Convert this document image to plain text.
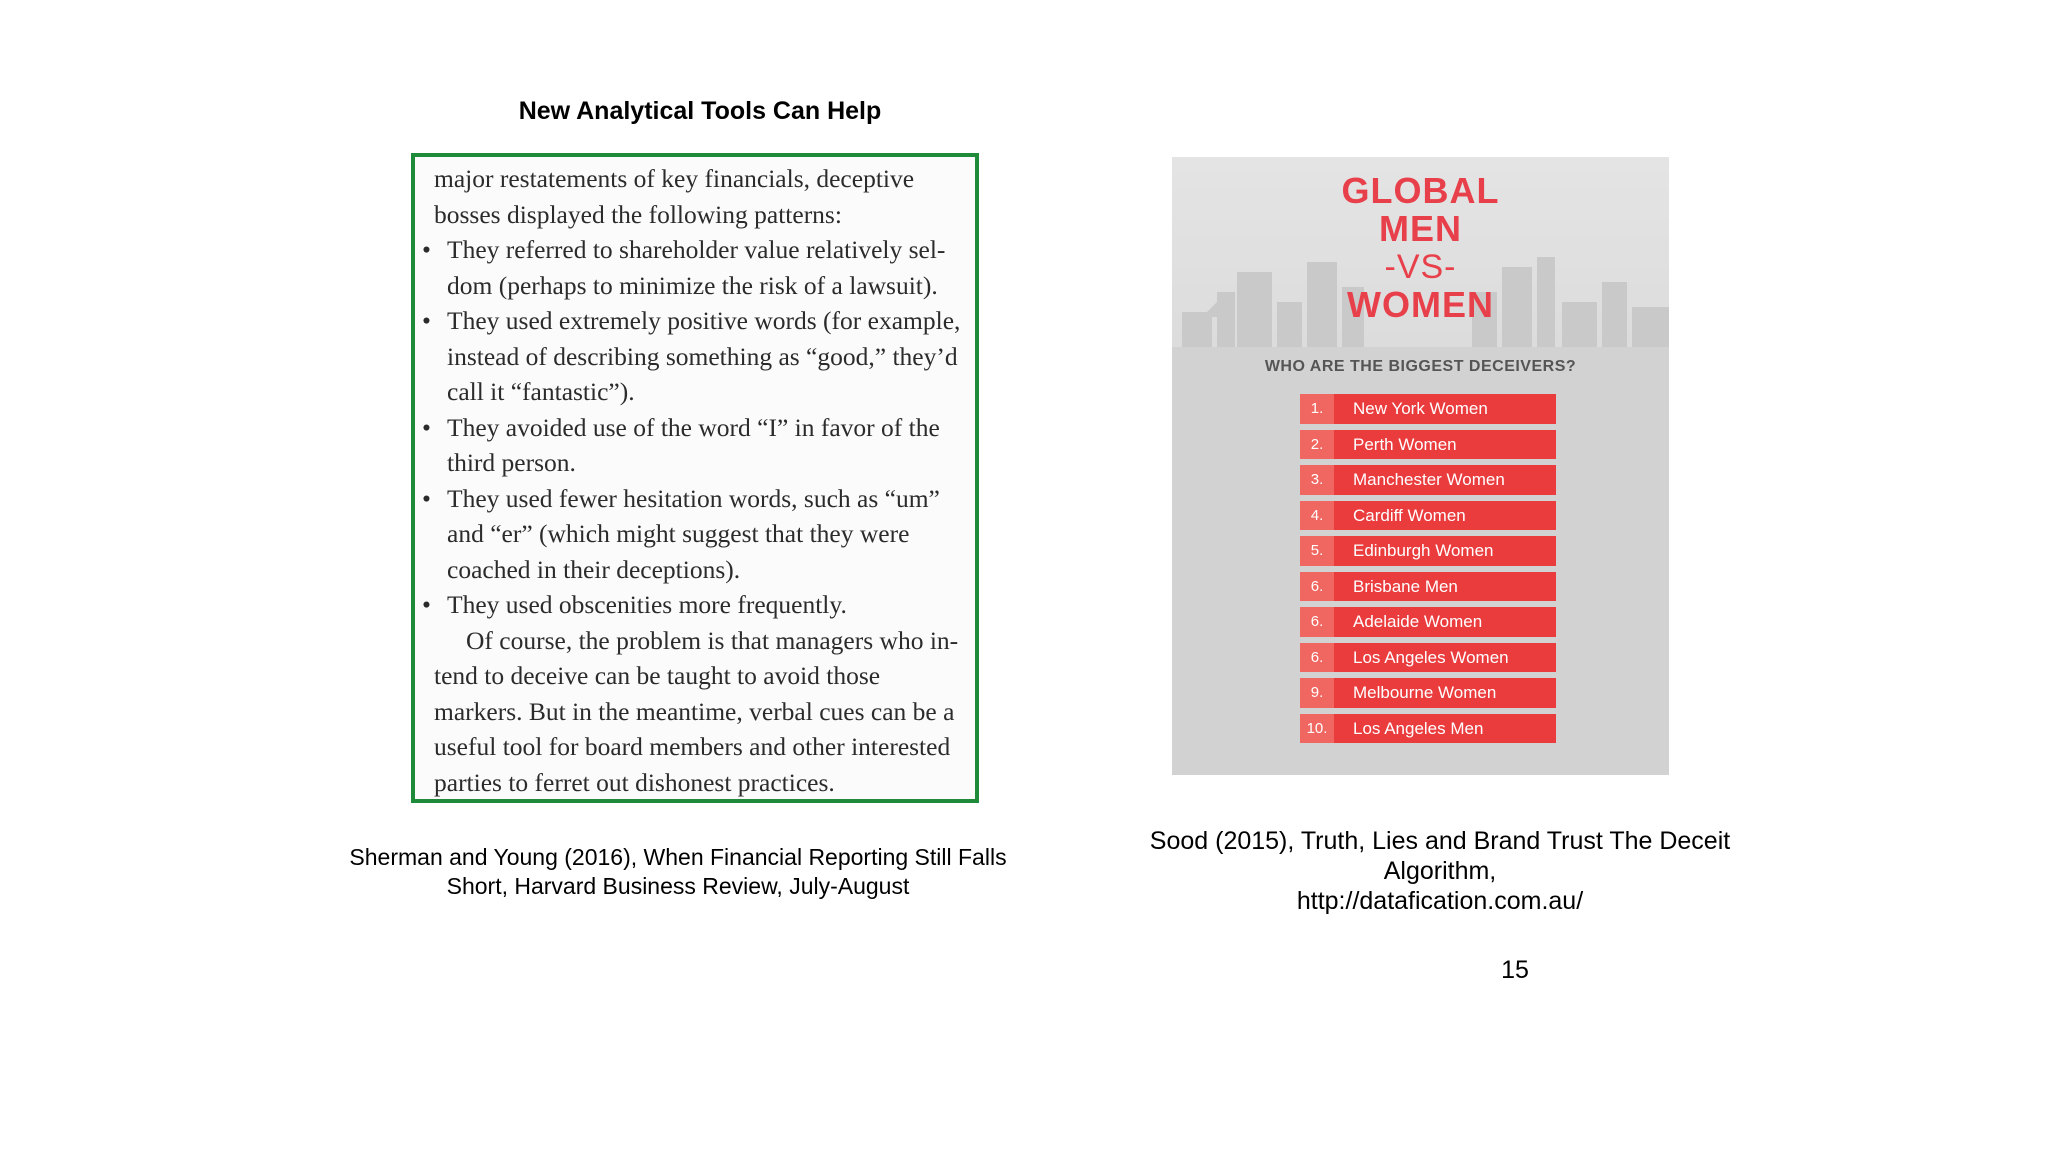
New Analytical Tools Can Help

major restatements of key financials, deceptive bosses displayed the following patterns:

• They referred to shareholder value relatively sel-dom (perhaps to minimize the risk of a lawsuit).
• They used extremely positive words (for example, instead of describing something as “good,” they’d call it “fantastic”).
• They avoided use of the word “I” in favor of the third person.
• They used fewer hesitation words, such as “um” and “er” (which might suggest that they were coached in their deceptions).
• They used obscenities more frequently.

Of course, the problem is that managers who in-tend to deceive can be taught to avoid those markers. But in the meantime, verbal cues can be a useful tool for board members and other interested parties to ferret out dishonest practices.

Sherman and Young (2016), When Financial Reporting Still Falls
Short, Harvard Business Review, July-August
GLOBAL
MEN
-VS-
WOMEN
WHO ARE THE BIGGEST DECEIVERS?
1.	New York Women
2.	Perth Women
3.	Manchester Women
4.	Cardiff Women
5.	Edinburgh Women
6.	Brisbane Men
6.	Adelaide Women
6.	Los Angeles Women
9.	Melbourne Women
10.	Los Angeles Men
Sood (2015), Truth, Lies and Brand Trust The Deceit
Algorithm,
http://datafication.com.au/
15
